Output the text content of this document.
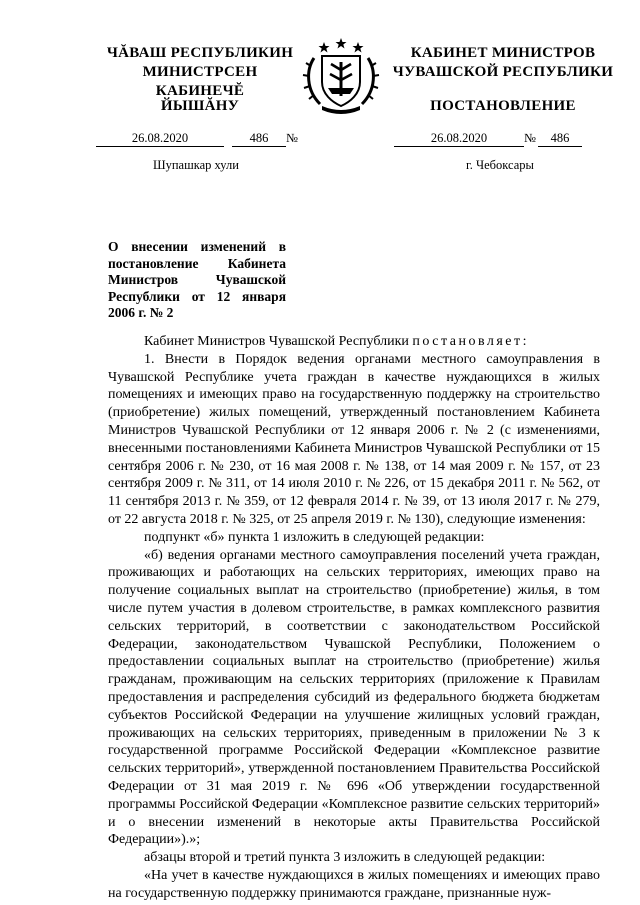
ЧĂВАШ РЕСПУБЛИКИН
МИНИСТРСЕН КАБИНЕЧĔ
ЙЫШĂНУ
КАБИНЕТ МИНИСТРОВ
ЧУВАШСКОЙ РЕСПУБЛИКИ
ПОСТАНОВЛЕНИЕ
26.08.2020	486 №	26.08.2020	№ 486
Шупашкар хули	г. Чебоксары
О внесении изменений в постановление Кабинета Министров Чувашской Республики от 12 января 2006 г. № 2

Кабинет Министров Чувашской Республики постановляет:

1. Внести в Порядок ведения органами местного самоуправления в Чувашской Республике учета граждан в качестве нуждающихся в жилых помещениях и имеющих право на государственную поддержку на строительство (приобретение) жилых помещений, утвержденный постановлением Кабинета Министров Чувашской Республики от 12 января 2006 г. № 2 (с изменениями, внесенными постановлениями Кабинета Министров Чувашской Республики от 15 сентября 2006 г. № 230, от 16 мая 2008 г. № 138, от 14 мая 2009 г. № 157, от 23 сентября 2009 г. № 311, от 14 июля 2010 г. № 226, от 15 декабря 2011 г. № 562, от 11 сентября 2013 г. № 359, от 12 февраля 2014 г. № 39, от 13 июля 2017 г. № 279, от 22 августа 2018 г. № 325, от 25 апреля 2019 г. № 130), следующие изменения:

подпункт «б» пункта 1 изложить в следующей редакции:

«б) ведения органами местного самоуправления поселений учета граждан, проживающих и работающих на сельских территориях, имеющих право на получение социальных выплат на строительство (приобретение) жилья, в том числе путем участия в долевом строительстве, в рамках комплексного развития сельских территорий, в соответствии с законодательством Российской Федерации, законодательством Чувашской Республики, Положением о предоставлении социальных выплат на строительство (приобретение) жилья гражданам, проживающим на сельских территориях (приложение к Правилам предоставления и распределения субсидий из федерального бюджета бюджетам субъектов Российской Федерации на улучшение жилищных условий граждан, проживающих на сельских территориях, приведенным в приложении № 3 к государственной программе Российской Федерации «Комплексное развитие сельских территорий», утвержденной постановлением Правительства Российской Федерации от 31 мая 2019 г. № 696 «Об утверждении государственной программы Российской Федерации «Комплексное развитие сельских территорий» и о внесении изменений в некоторые акты Правительства Российской Федерации»).»;

абзацы второй и третий пункта 3 изложить в следующей редакции:

«На учет в качестве нуждающихся в жилых помещениях и имеющих право на государственную поддержку принимаются граждане, признанные нуж-
